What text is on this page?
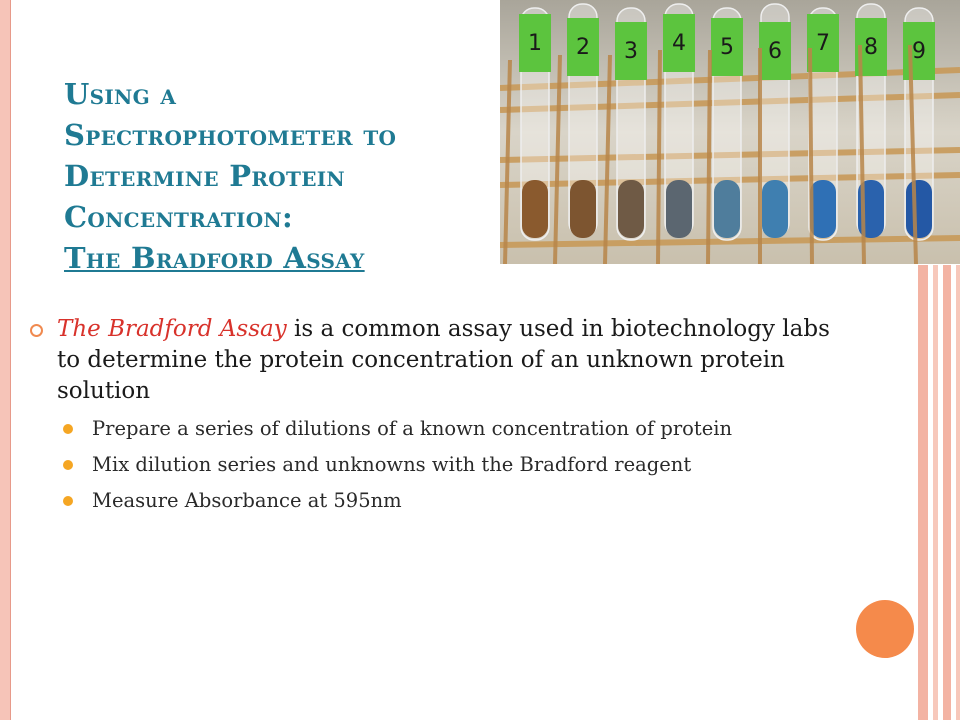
Using a
Spectrophotometer to
Determine Protein
Concentration:
The Bradford Assay
1 2 3 4 5 6 7 8 9
The Bradford Assay is a common assay used in biotechnology labs to determine the protein concentration of an unknown protein solution
Prepare a series of dilutions of a known concentration of protein
Mix dilution series and unknowns with the Bradford reagent
Measure Absorbance at 595nm
